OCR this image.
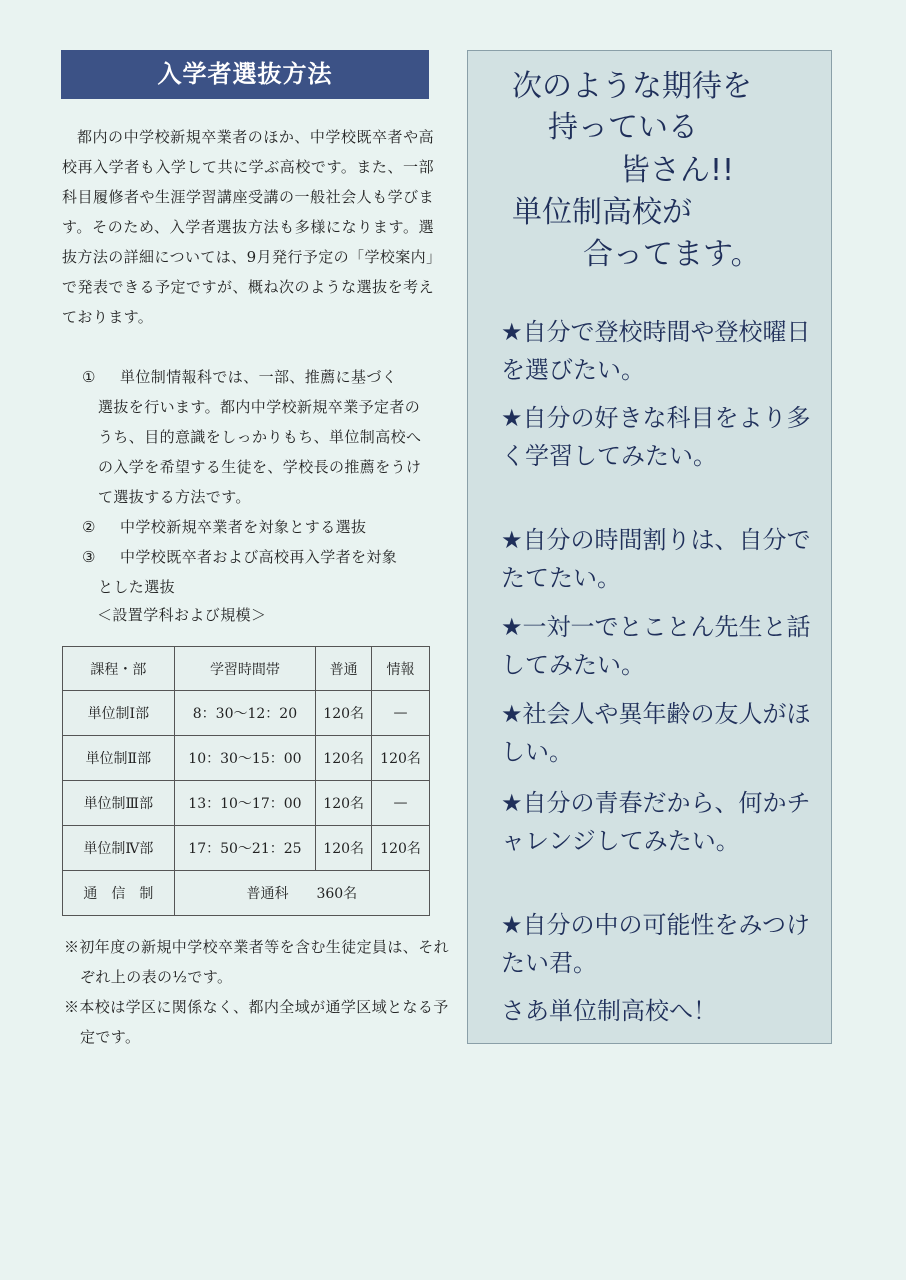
入学者選抜方法

都内の中学校新規卒業者のほか、中学校既卒者や高校再入学者も入学して共に学ぶ高校です。また、一部科目履修者や生涯学習講座受講の一般社会人も学びます。そのため、入学者選抜方法も多様になります。選抜方法の詳細については、9月発行予定の「学校案内」で発表できる予定ですが、概ね次のような選抜を考えております。

① 単位制情報科では、一部、推薦に基づく

選抜を行います。都内中学校新規卒業予定者のうち、目的意識をしっかりもち、単位制高校への入学を希望する生徒を、学校長の推薦をうけて選抜する方法です。

② 中学校新規卒業者を対象とする選抜
③ 中学校既卒者および高校再入学者を対象

とした選抜

＜設置学科および規模＞
課程・部	学習時間帯	普通	情報
単位制Ⅰ部	8：30～12：20	120名	—
単位制Ⅱ部	10：30～15：00	120名	120名
単位制Ⅲ部	13：10～17：00	120名	—
単位制Ⅳ部	17：50～21：25	120名	120名
通　信　制	普通科　　360名		

※初年度の新規中学校卒業者等を含む生徒定員は、それぞれ上の表の½です。

※本校は学区に関係なく、都内全域が通学区域となる予定です。

次のような期待を
持っている
皆さん!!
単位制高校が
合ってます。

★自分で登校時間や登校曜日を選びたい。

★自分の好きな科目をより多く学習してみたい。

★自分の時間割りは、自分でたてたい。

★一対一でとことん先生と話してみたい。

★社会人や異年齢の友人がほしい。

★自分の青春だから、何かチャレンジしてみたい。

★自分の中の可能性をみつけたい君。

さあ単位制高校へ！
